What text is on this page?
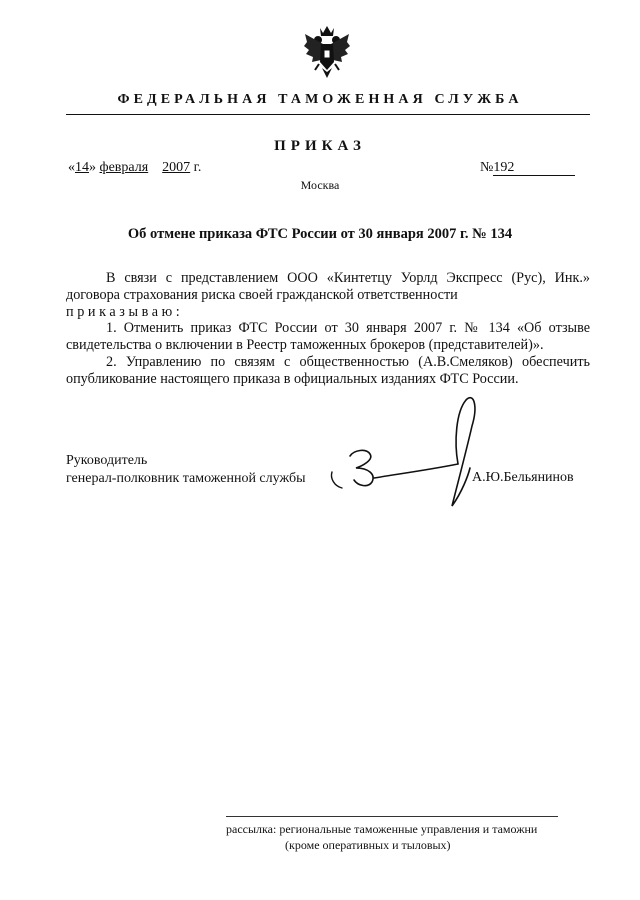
ФЕДЕРАЛЬНАЯ ТАМОЖЕННАЯ СЛУЖБА
ПРИКАЗ
«14» февраля 2007 г.	№192
Москва
Об отмене приказа ФТС России от 30 января 2007 г. № 134

В связи с представлением ООО «Кинтетцу Уорлд Экспресс (Рус), Инк.» договора страхования риска своей гражданской ответственности

приказываю:

1. Отменить приказ ФТС России от 30 января 2007 г. № 134 «Об отзыве свидетельства о включении в Реестр таможенных брокеров (представителей)».

2. Управлению по связям с общественностью (А.В.Смеляков) обеспечить опубликование настоящего приказа в официальных изданиях ФТС России.

Руководитель
генерал-полковник таможенной службы	А.Ю.Бельянинов
рассылка: региональные таможенные управления и таможни
(кроме оперативных и тыловых)
